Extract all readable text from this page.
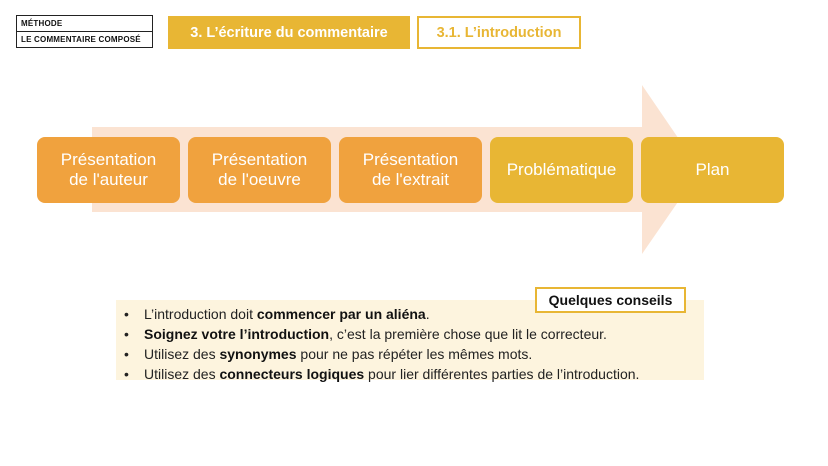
MÉTHODE
LE COMMENTAIRE COMPOSÉ	3. L’écriture du commentaire	3.1. L’introduction
Présentation
de l'auteur
Présentation
de l'oeuvre
Présentation
de l'extrait
Problématique	Plan
Quelques conseils
• L’introduction doit commencer par un aliéna.
• Soignez votre l’introduction, c’est la première chose que lit le correcteur.
• Utilisez des synonymes pour ne pas répéter les mêmes mots.
• Utilisez des connecteurs logiques pour lier différentes parties de l’introduction.
